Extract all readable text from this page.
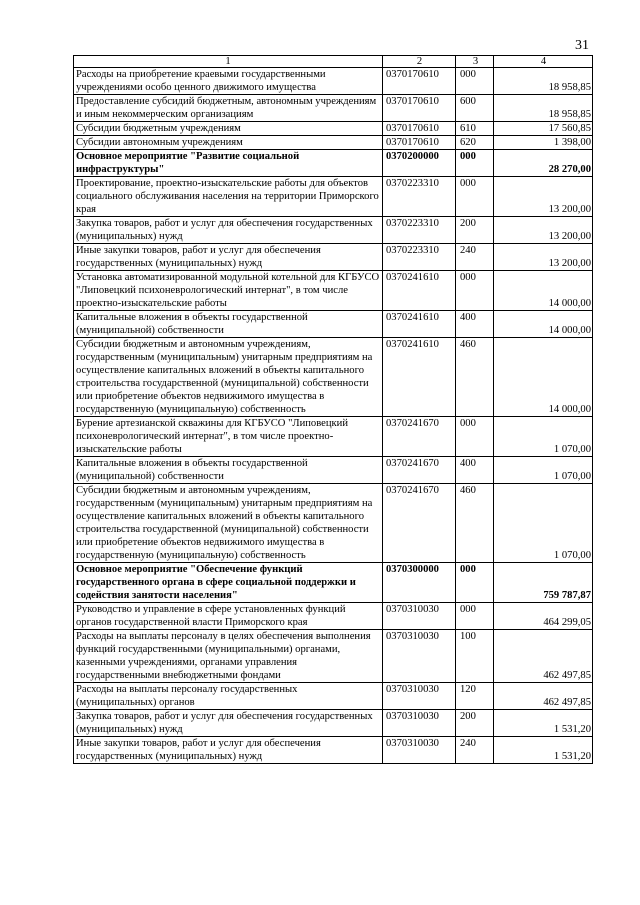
31
1	2	3	4
Расходы на приобретение краевыми государственными учреждениями особо ценного движимого имущества	0370170610	000	18 958,85
Предоставление субсидий бюджетным, автономным учреждениям и иным некоммерческим организациям	0370170610	600	18 958,85
Субсидии бюджетным учреждениям	0370170610	610	17 560,85
Субсидии автономным учреждениям	0370170610	620	1 398,00
Основное мероприятие "Развитие социальной инфраструктуры"	0370200000	000	28 270,00
Проектирование, проектно-изыскательские работы для объектов социального обслуживания населения на территории Приморского края	0370223310	000	13 200,00
Закупка товаров, работ и услуг для обеспечения государственных (муниципальных) нужд	0370223310	200	13 200,00
Иные закупки товаров, работ и услуг для обеспечения государственных (муниципальных) нужд	0370223310	240	13 200,00
Установка автоматизированной модульной котельной для КГБУСО "Липовецкий психоневрологический интернат", в том числе проектно-изыскательские работы	0370241610	000	14 000,00
Капитальные вложения в объекты государственной (муниципальной) собственности	0370241610	400	14 000,00
Субсидии бюджетным и автономным учреждениям, государственным (муниципальным) унитарным предприятиям на осуществление капитальных вложений в объекты капитального строительства государственной (муниципальной) собственности или приобретение объектов недвижимого имущества в государственную (муниципальную) собственность	0370241610	460	14 000,00
Бурение артезианской скважины для КГБУСО "Липовецкий психоневрологический интернат", в том числе проектно-изыскательские работы	0370241670	000	1 070,00
Капитальные вложения в объекты государственной (муниципальной) собственности	0370241670	400	1 070,00
Субсидии бюджетным и автономным учреждениям, государственным (муниципальным) унитарным предприятиям на осуществление капитальных вложений в объекты капитального строительства государственной (муниципальной) собственности или приобретение объектов недвижимого имущества в государственную (муниципальную) собственность	0370241670	460	1 070,00
Основное мероприятие "Обеспечение функций государственного органа в сфере социальной поддержки и содействия занятости населения"	0370300000	000	759 787,87
Руководство и управление в сфере установленных функций органов государственной власти Приморского края	0370310030	000	464 299,05
Расходы на выплаты персоналу в целях обеспечения выполнения функций государственными (муниципальными) органами, казенными учреждениями, органами управления государственными внебюджетными фондами	0370310030	100	462 497,85
Расходы на выплаты персоналу государственных (муниципальных) органов	0370310030	120	462 497,85
Закупка товаров, работ и услуг для обеспечения государственных (муниципальных) нужд	0370310030	200	1 531,20
Иные закупки товаров, работ и услуг для обеспечения государственных (муниципальных) нужд	0370310030	240	1 531,20
